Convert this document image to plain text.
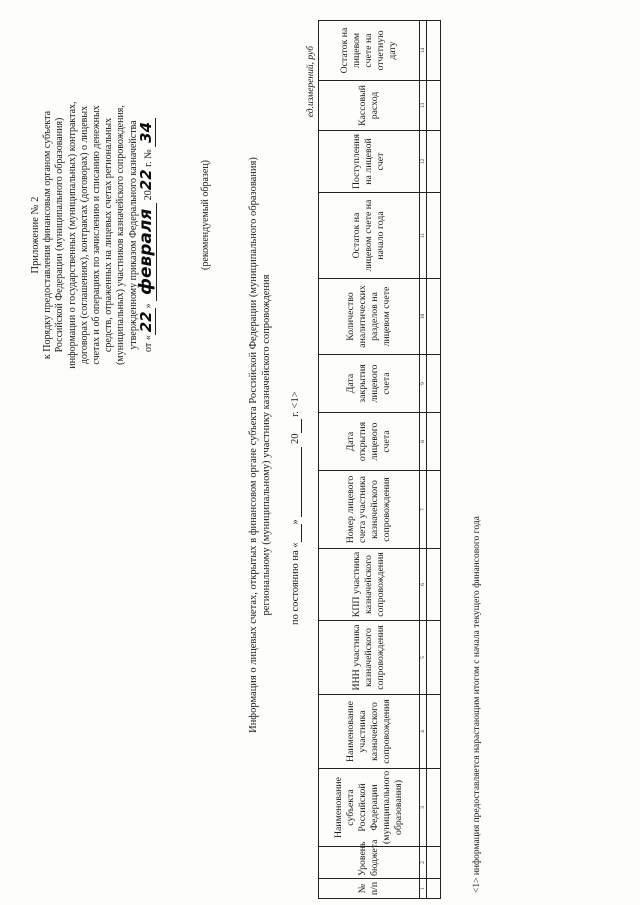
Приложение № 2 к Порядку предоставления финансовым органом субъекта Российской Федерации (муниципального образования) информации о государственных (муниципальных) контрактах, договорах (соглашениях), контрактах (договорах) о лицевых счетах и об операциях по зачислению и списанию денежных средств, отраженных на лицевых счетах региональных (муниципальных) участников казначейского сопровождения, утвержденному приказом Федерального казначейства от «22» февраля 2022 г. № 34
(рекомендуемый образец)	Информация о лицевых счетах, открытых в финансовом органе субъекта Российской Федерации (муниципального образования) региональному (муниципальному) участнику казначейского сопровождения по состоянию на « »   20  г. <1>
ед.измерений, руб
№ п/п	Уровень бюджета	Наименование субъекта Российской Федерации (муниципального образования)	Наименование участника казначейского сопровождения	ИНН участника казначейского сопровождения	КПП участника казначейского сопровождения	Номер лицевого счета участника казначейского сопровождения	Дата открытия лицевого счета	Дата закрытия лицевого счета	Количество аналитических разделов на лицевом счете	Остаток на лицевом счете на начало года	Поступления на лицевой счет	Кассовый расход	Остаток на лицевом счете на отчетную дату
1	2	3	4	5	6	7	8	9	10	11	12	13	14

<1> информация предоставляется нарастающим итогом с начала текущего финансового года
